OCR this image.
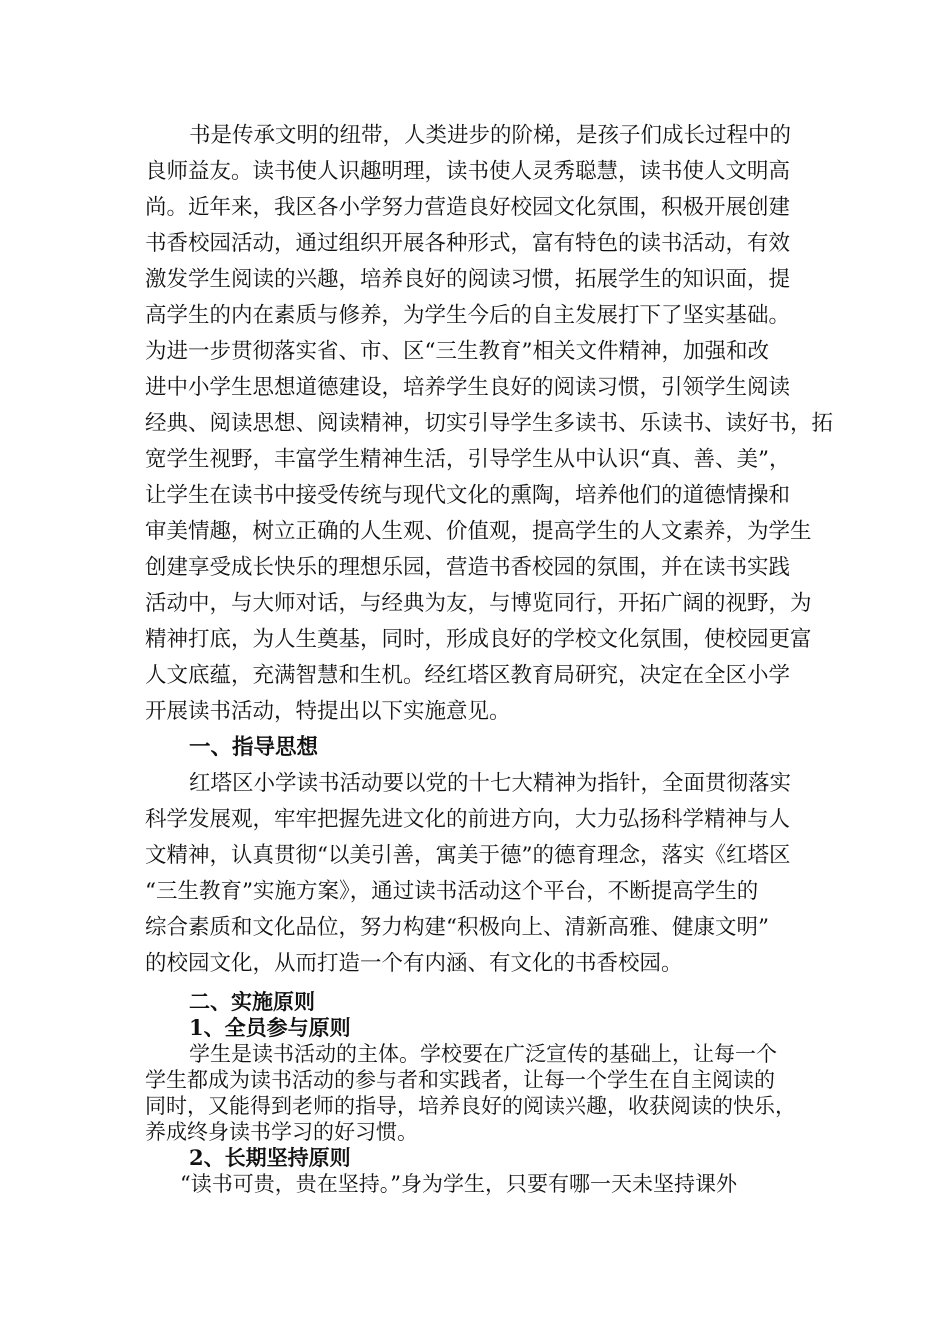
书是传承文明的纽带，人类进步的阶梯，是孩子们成长过程中的
良师益友。读书使人识趣明理，读书使人灵秀聪慧，读书使人文明高
尚。近年来，我区各小学努力营造良好校园文化氛围，积极开展创建
书香校园活动，通过组织开展各种形式，富有特色的读书活动，有效
激发学生阅读的兴趣，培养良好的阅读习惯，拓展学生的知识面，提
高学生的内在素质与修养，为学生今后的自主发展打下了坚实基础。
为进一步贯彻落实省、市、区“三生教育”相关文件精神，加强和改
进中小学生思想道德建设，培养学生良好的阅读习惯，引领学生阅读
经典、阅读思想、阅读精神，切实引导学生多读书、乐读书、读好书，拓
宽学生视野，丰富学生精神生活，引导学生从中认识“真、善、美”，
让学生在读书中接受传统与现代文化的熏陶，培养他们的道德情操和
审美情趣，树立正确的人生观、价值观，提高学生的人文素养，为学生
创建享受成长快乐的理想乐园，营造书香校园的氛围，并在读书实践
活动中，与大师对话，与经典为友，与博览同行，开拓广阔的视野，为
精神打底，为人生奠基，同时，形成良好的学校文化氛围，使校园更富
人文底蕴，充满智慧和生机。经红塔区教育局研究，决定在全区小学
开展读书活动，特提出以下实施意见。
一、指导思想
红塔区小学读书活动要以党的十七大精神为指针，全面贯彻落实
科学发展观，牢牢把握先进文化的前进方向，大力弘扬科学精神与人
文精神，认真贯彻“以美引善，寓美于德”的德育理念，落实《红塔区
“三生教育”实施方案》，通过读书活动这个平台，不断提高学生的
综合素质和文化品位，努力构建“积极向上、清新高雅、健康文明”
的校园文化，从而打造一个有内涵、有文化的书香校园。
二、实施原则
1、全员参与原则
学生是读书活动的主体。学校要在广泛宣传的基础上，让每一个
学生都成为读书活动的参与者和实践者，让每一个学生在自主阅读的
同时，又能得到老师的指导，培养良好的阅读兴趣，收获阅读的快乐，
养成终身读书学习的好习惯。
2、长期坚持原则
“读书可贵，贵在坚持。”身为学生，只要有哪一天未坚持课外
